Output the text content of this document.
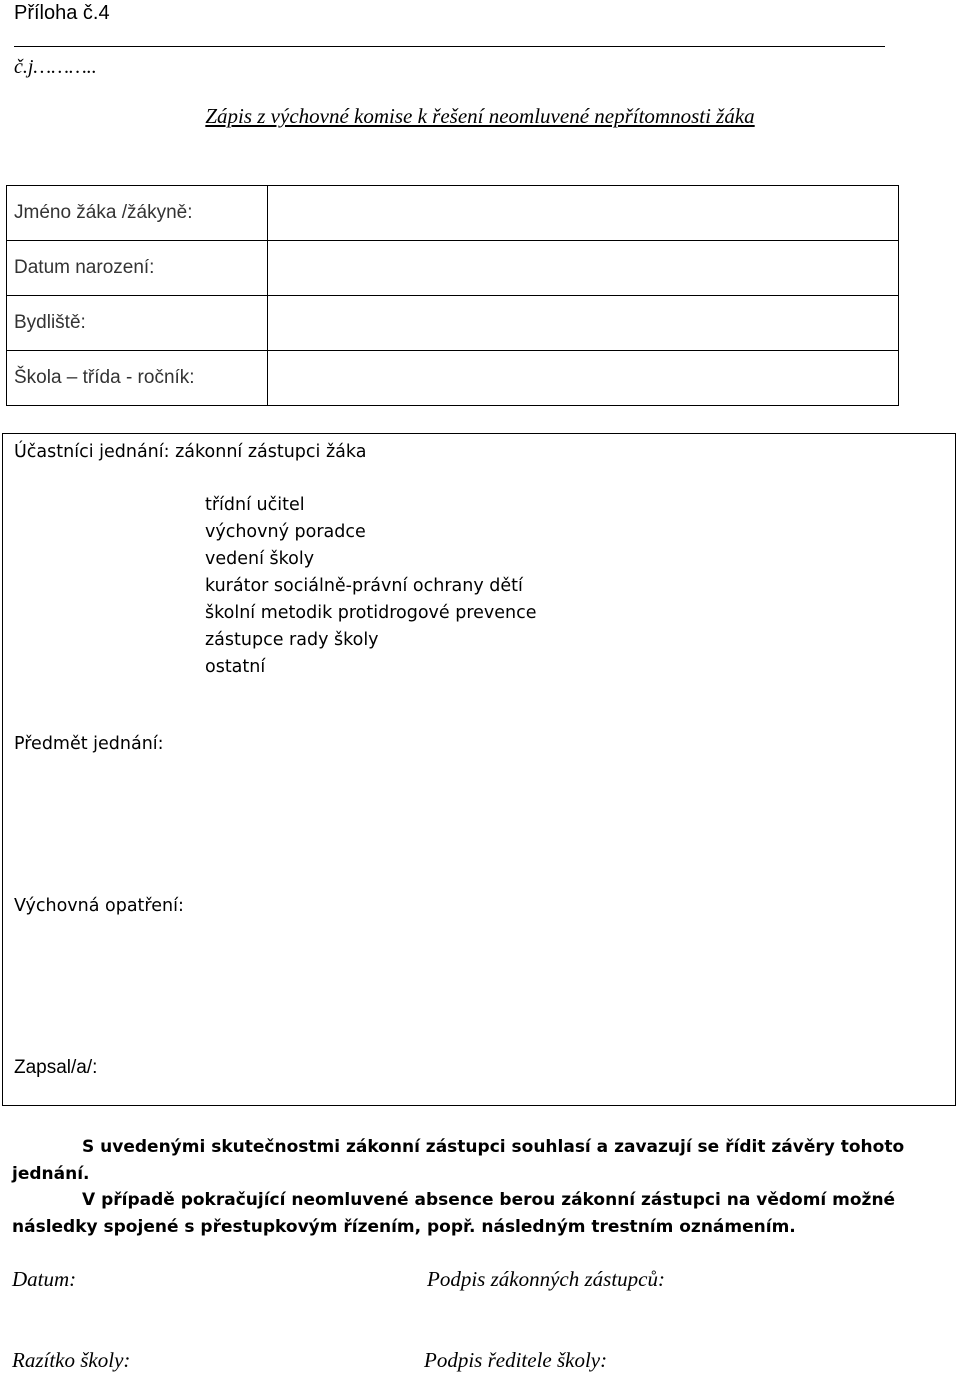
Příloha č.4
č.j………..
Zápis z výchovné komise k řešení neomluvené nepřítomnosti žáka
Jméno žáka /žákyně:	
Datum narození:	
Bydliště:	
Škola – třída - ročník:	
Účastníci jednání: zákonní zástupci žáka
třídní učitel
výchovný poradce
vedení školy
kurátor sociálně-právní ochrany dětí
školní metodik protidrogové prevence
zástupce rady školy
ostatní
Předmět jednání:
Výchovná opatření:
Zapsal/a/:
S uvedenými skutečnostmi zákonní zástupci souhlasí a zavazují se řídit závěry tohoto
jednání.
V případě pokračující neomluvené absence berou zákonní zástupci na vědomí možné
následky spojené s přestupkovým řízením, popř. následným trestním oznámením.
Datum:	Podpis zákonných zástupců:
Razítko školy:	Podpis ředitele školy:
